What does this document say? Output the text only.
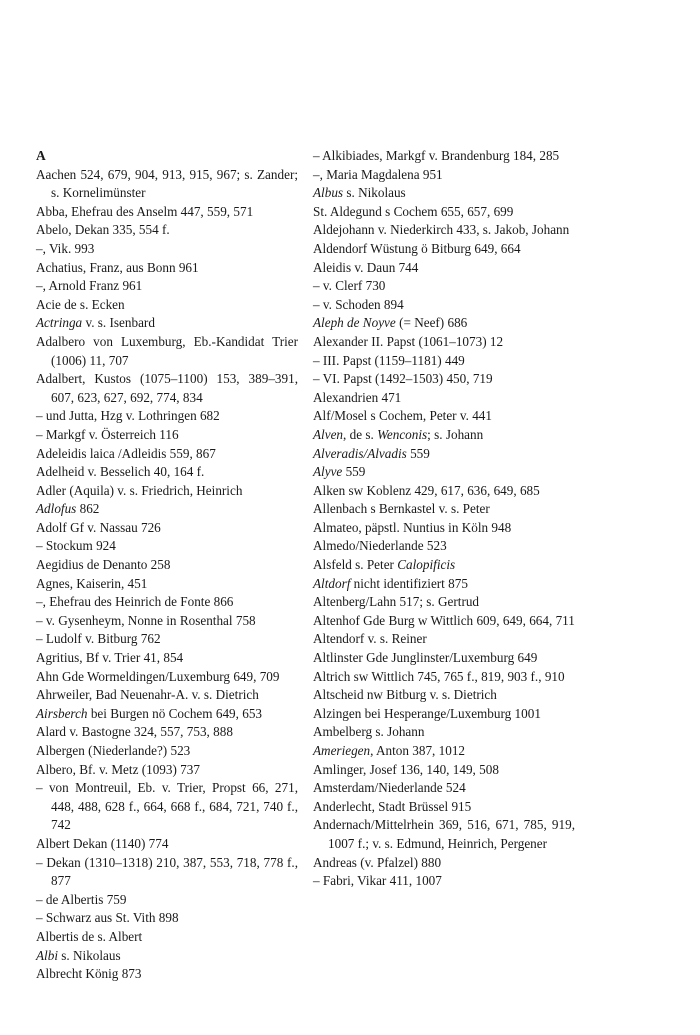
A

Aachen 524, 679, 904, 913, 915, 967; s. Zander; s. Kornelimünster

Abba, Ehefrau des Anselm 447, 559, 571

Abelo, Dekan 335, 554 f.

–, Vik. 993

Achatius, Franz, aus Bonn 961

–, Arnold Franz 961

Acie de s. Ecken

Actringa v. s. Isenbard

Adalbero von Luxemburg, Eb.-Kandidat Trier (1006) 11, 707

Adalbert, Kustos (1075–1100) 153, 389–391, 607, 623, 627, 692, 774, 834

– und Jutta, Hzg v. Lothringen 682

– Markgf v. Österreich 116

Adeleidis laica /Adleidis 559, 867

Adelheid v. Besselich 40, 164 f.

Adler (Aquila) v. s. Friedrich, Heinrich

Adlofus 862

Adolf Gf v. Nassau 726

– Stockum 924

Aegidius de Denanto 258

Agnes, Kaiserin, 451

–, Ehefrau des Heinrich de Fonte 866

– v. Gysenheym, Nonne in Rosenthal 758

– Ludolf v. Bitburg 762

Agritius, Bf v. Trier 41, 854

Ahn Gde Wormeldingen/Luxemburg 649, 709

Ahrweiler, Bad Neuenahr-A. v. s. Dietrich

Airsberch bei Burgen nö Cochem 649, 653

Alard v. Bastogne 324, 557, 753, 888

Albergen (Niederlande?) 523

Albero, Bf. v. Metz (1093) 737

– von Montreuil, Eb. v. Trier, Propst 66, 271, 448, 488, 628 f., 664, 668 f., 684, 721, 740 f., 742

Albert Dekan (1140) 774

– Dekan (1310–1318) 210, 387, 553, 718, 778 f., 877

– de Albertis 759

– Schwarz aus St. Vith 898

Albertis de s. Albert

Albi s. Nikolaus

Albrecht König 873

– Alkibiades, Markgf v. Brandenburg 184, 285

–, Maria Magdalena 951

Albus s. Nikolaus

St. Aldegund s Cochem 655, 657, 699

Aldejohann v. Niederkirch 433, s. Jakob, Johann

Aldendorf Wüstung ö Bitburg 649, 664

Aleidis v. Daun 744

– v. Clerf 730

– v. Schoden 894

Aleph de Noyve (= Neef) 686

Alexander II. Papst (1061–1073) 12

– III. Papst (1159–1181) 449

– VI. Papst (1492–1503) 450, 719

Alexandrien 471

Alf/Mosel s Cochem, Peter v. 441

Alven, de s. Wenconis; s. Johann

Alveradis/Alvadis 559

Alyve 559

Alken sw Koblenz 429, 617, 636, 649, 685

Allenbach s Bernkastel v. s. Peter

Almateo, päpstl. Nuntius in Köln 948

Almedo/Niederlande 523

Alsfeld s. Peter Calopificis

Altdorf nicht identifiziert 875

Altenberg/Lahn 517; s. Gertrud

Altenhof Gde Burg w Wittlich 609, 649, 664, 711

Altendorf v. s. Reiner

Altlinster Gde Junglinster/Luxemburg 649

Altrich sw Wittlich 745, 765 f., 819, 903 f., 910

Altscheid nw Bitburg v. s. Dietrich

Alzingen bei Hesperange/Luxemburg 1001

Ambelberg s. Johann

Ameriegen, Anton 387, 1012

Amlinger, Josef 136, 140, 149, 508

Amsterdam/Niederlande 524

Anderlecht, Stadt Brüssel 915

Andernach/Mittelrhein 369, 516, 671, 785, 919, 1007 f.; v. s. Edmund, Heinrich, Pergener

Andreas (v. Pfalzel) 880

– Fabri, Vikar 411, 1007
